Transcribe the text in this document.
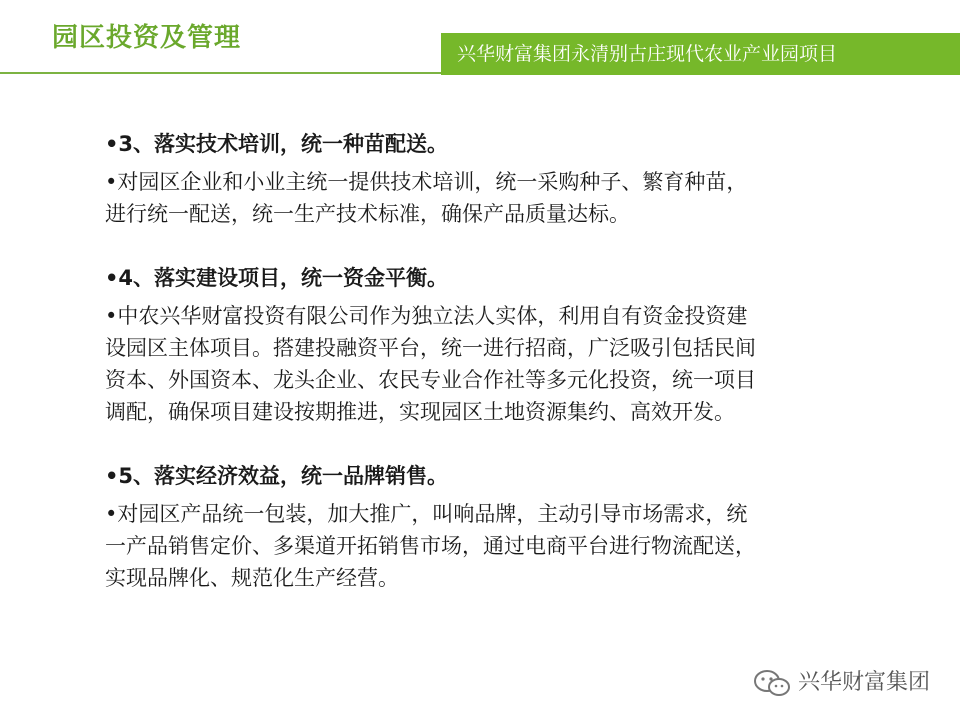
园区投资及管理
兴华财富集团永清别古庄现代农业产业园项目
•3、落实技术培训，统一种苗配送。
•对园区企业和小业主统一提供技术培训，统一采购种子、繁育种苗，
进行统一配送，统一生产技术标准，确保产品质量达标。
•4、落实建设项目，统一资金平衡。
•中农兴华财富投资有限公司作为独立法人实体，利用自有资金投资建
设园区主体项目。搭建投融资平台，统一进行招商，广泛吸引包括民间
资本、外国资本、龙头企业、农民专业合作社等多元化投资，统一项目
调配，确保项目建设按期推进，实现园区土地资源集约、高效开发。
•5、落实经济效益，统一品牌销售。
•对园区产品统一包装，加大推广，叫响品牌，主动引导市场需求，统
一产品销售定价、多渠道开拓销售市场，通过电商平台进行物流配送，
实现品牌化、规范化生产经营。
兴华财富集团
